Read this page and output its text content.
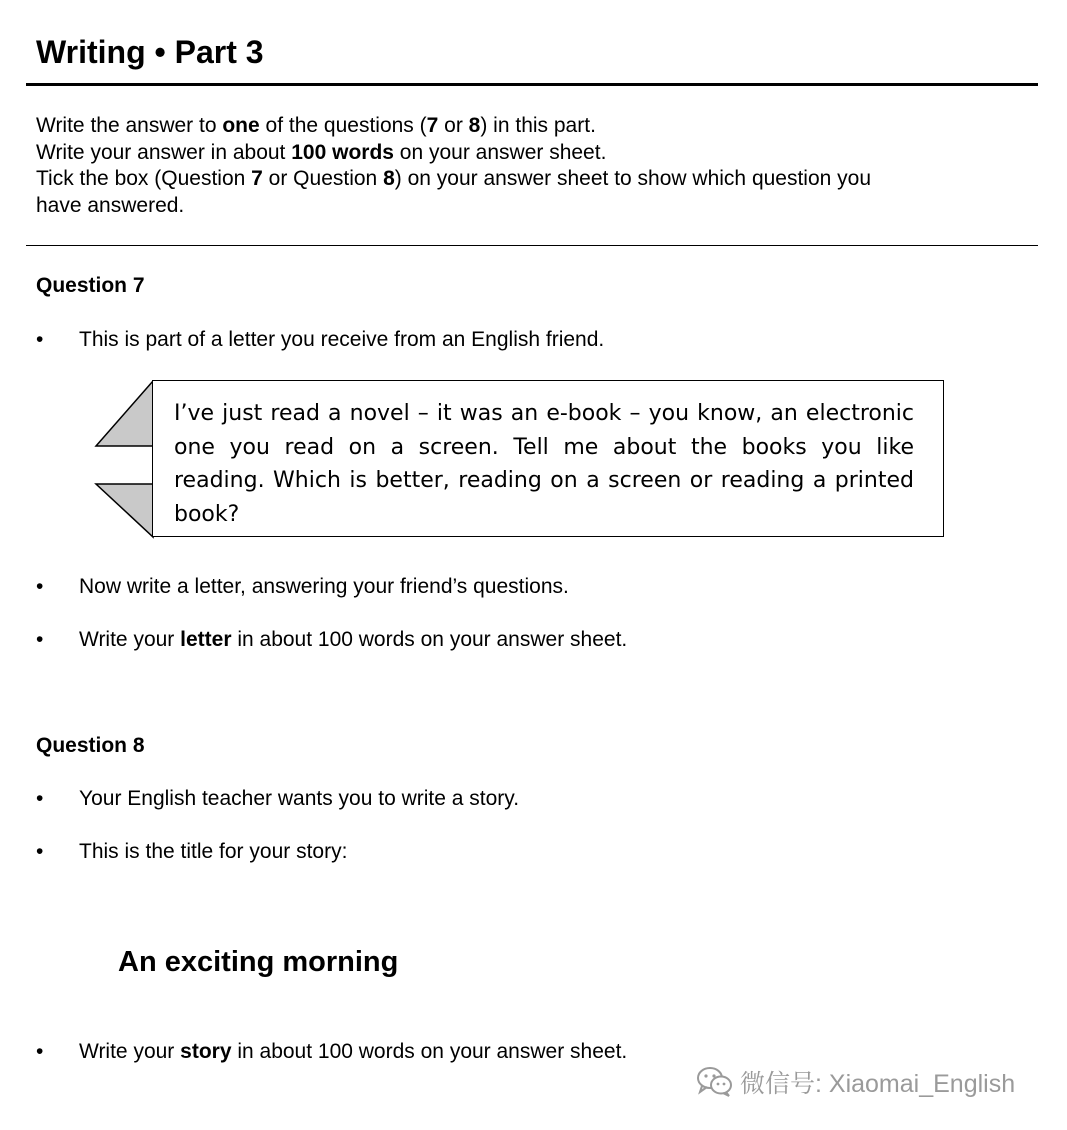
Writing • Part 3
Write the answer to one of the questions (7 or 8) in this part.
Write your answer in about 100 words on your answer sheet.
Tick the box (Question 7 or Question 8) on your answer sheet to show which question you
have answered.
Question 7
• This is part of a letter you receive from an English friend.
I’ve just read a novel – it was an e-book – you know, an electronic one you read on a screen. Tell me about the books you like reading. Which is better, reading on a screen or reading a printed book?
• Now write a letter, answering your friend’s questions.
• Write your letter in about 100 words on your answer sheet.
Question 8
• Your English teacher wants you to write a story.
• This is the title for your story:
An exciting morning
• Write your story in about 100 words on your answer sheet.
微信号: Xiaomai_English
